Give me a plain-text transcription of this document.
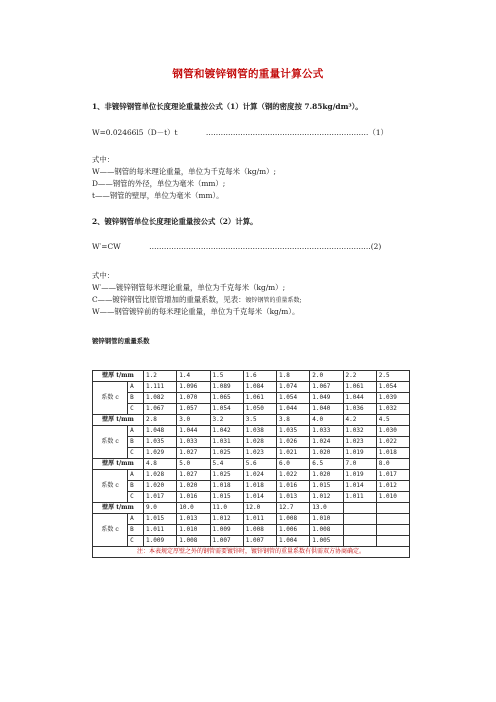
钢管和镀锌钢管的重量计算公式
1、非镀锌钢管单位长度理论重量按公式（1）计算（钢的密度按 7.85kg/dm³）。
W=0.02466l5（D－t）t	…………………………………………………………（1）
式中：
W——钢管的每米理论重量，单位为千克每米（kg/m）;
D——钢管的外径，单位为毫米（mm）;
t——钢管的壁厚，单位为毫米（mm）。
2、镀锌钢管单位长度理论重量按公式（2）计算。
W′=CW	………………………………………………………………………………(2)
式中：
W′——镀锌钢管每米理论重量，单位为千克每米（kg/m）;
C——镀锌钢管比原管增加的重量系数，见表：镀锌钢管的重量系数;
W——钢管镀锌前的每米理论重量，单位为千克每米（kg/m）。
镀锌钢管的重量系数
壁厚 t/mm		1.2	1.4	1.5	1.6	1.8	2.0	2.2	2.5
系数 c	A	1.111	1.096	1.089	1.084	1.074	1.067	1.061	1.054
	B	1.082	1.070	1.065	1.061	1.054	1.049	1.044	1.039
	C	1.067	1.057	1.054	1.050	1.044	1.040	1.036	1.032
壁厚 t/mm		2.8	3.0	3.2	3.5	3.8	4.0	4.2	4.5
系数 c	A	1.048	1.044	1.042	1.038	1.035	1.033	1.032	1.030
	B	1.035	1.033	1.031	1.028	1.026	1.024	1.023	1.022
	C	1.029	1.027	1.025	1.023	1.021	1.020	1.019	1.018
壁厚 t/mm		4.8	5.0	5.4	5.6	6.0	6.5	7.0	8.0
系数 c	A	1.028	1.027	1.025	1.024	1.022	1.020	1.019	1.017
	B	1.020	1.020	1.018	1.018	1.016	1.015	1.014	1.012
	C	1.017	1.016	1.015	1.014	1.013	1.012	1.011	1.010
壁厚 t/mm		9.0	10.0	11.0	12.0	12.7	13.0		
系数 c	A	1.015	1.013	1.012	1.011	1.008	1.010		
	B	1.011	1.010	1.009	1.008	1.006	1.008		
	C	1.009	1.008	1.007	1.007	1.004	1.005		
注：本表规定厚壁之外的钢管需要镀锌时，镀锌钢管的重量系数有供需双方协商确定。									
